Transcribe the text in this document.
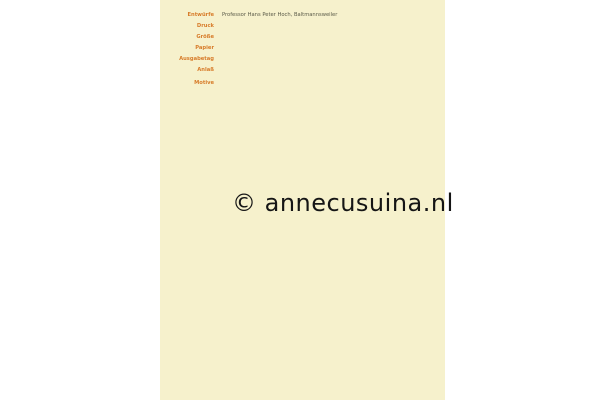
Entwürfe Professor Hans Peter Hoch, Baltmannsweiler
Druck
Größe
Papier
Ausgabetag
Anlaß

Motive

© annecusuina.nl
